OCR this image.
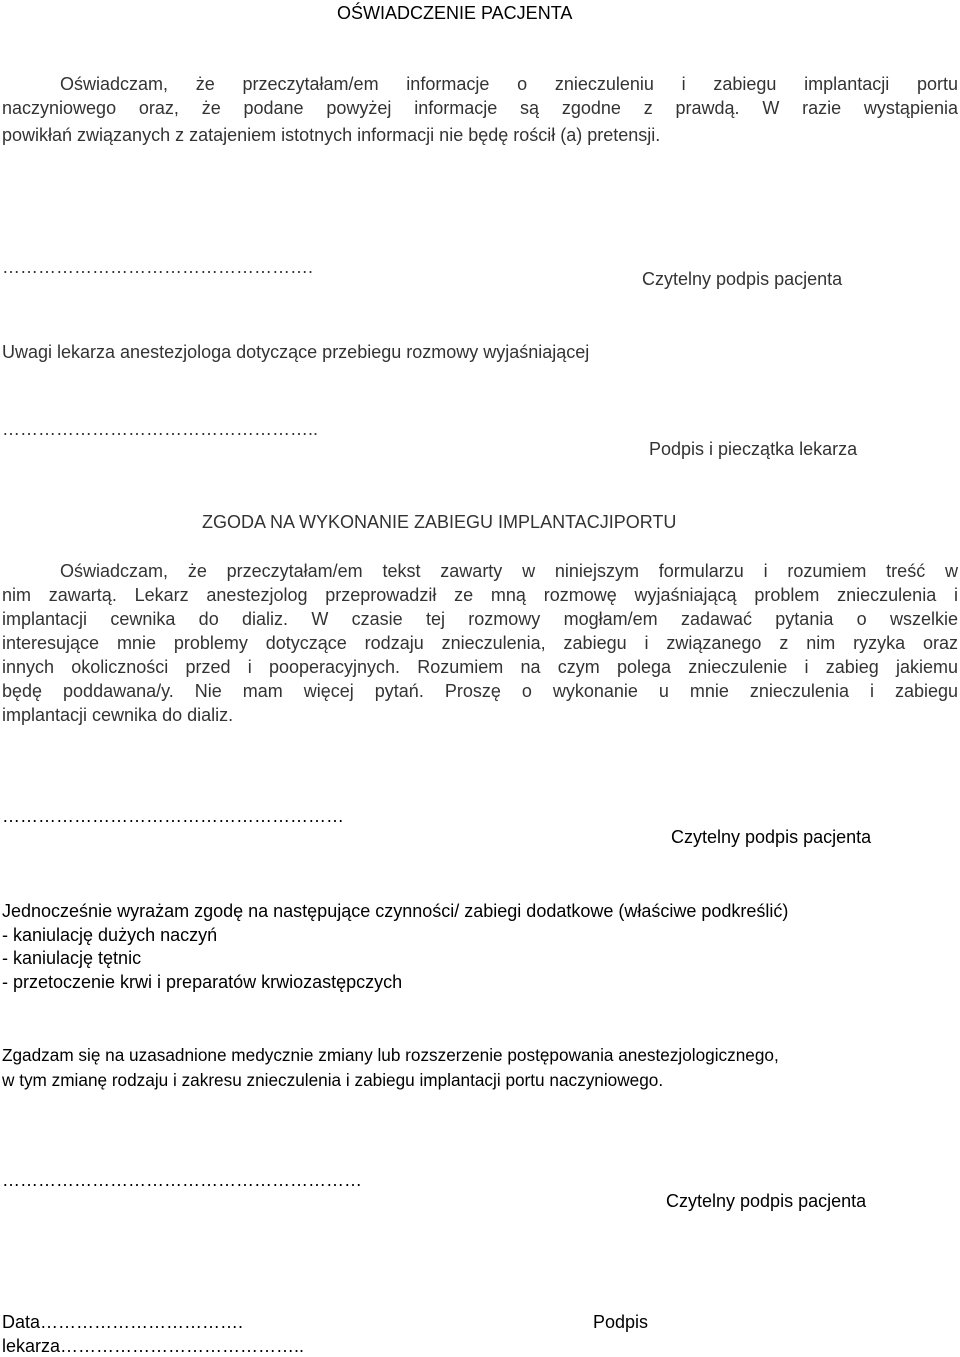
OŚWIADCZENIE PACJENTA
Oświadczam, że przeczytałam/em informacje o znieczuleniu i zabiegu implantacji portu
naczyniowego oraz, że podane powyżej informacje są zgodne z prawdą. W razie wystąpienia
powikłań związanych z zatajeniem istotnych informacji nie będę rościł (a) pretensji.
…………………………………………….
Czytelny podpis pacjenta
Uwagi lekarza anestezjologa dotyczące przebiegu rozmowy wyjaśniającej
……………………………………………..
Podpis i pieczątka lekarza
ZGODA NA WYKONANIE ZABIEGU IMPLANTACJIPORTU
Oświadczam, że przeczytałam/em tekst zawarty w niniejszym formularzu i rozumiem treść w
nim zawartą. Lekarz anestezjolog przeprowadził ze mną rozmowę wyjaśniającą problem znieczulenia i
implantacji cewnika do dializ. W czasie tej rozmowy mogłam/em zadawać pytania o wszelkie
interesujące mnie problemy dotyczące rodzaju znieczulenia, zabiegu i związanego z nim ryzyka oraz
innych okoliczności przed i pooperacyjnych. Rozumiem na czym polega znieczulenie i zabieg jakiemu
będę poddawana/y. Nie mam więcej pytań. Proszę o wykonanie u mnie znieczulenia i zabiegu
implantacji cewnika do dializ.
…………………………………………………
Czytelny podpis pacjenta
Jednocześnie wyrażam zgodę na następujące czynności/ zabiegi dodatkowe (właściwe podkreślić)
- kaniulację dużych naczyń
- kaniulację tętnic
- przetoczenie krwi i preparatów krwiozastępczych
Zgadzam się na uzasadnione medycznie zmiany lub rozszerzenie postępowania anestezjologicznego,
w tym zmianę rodzaju i zakresu znieczulenia i zabiegu implantacji portu naczyniowego.
……………………………………………………
Czytelny podpis pacjenta
Data…………………………….	Podpis
lekarza…………………………………..
